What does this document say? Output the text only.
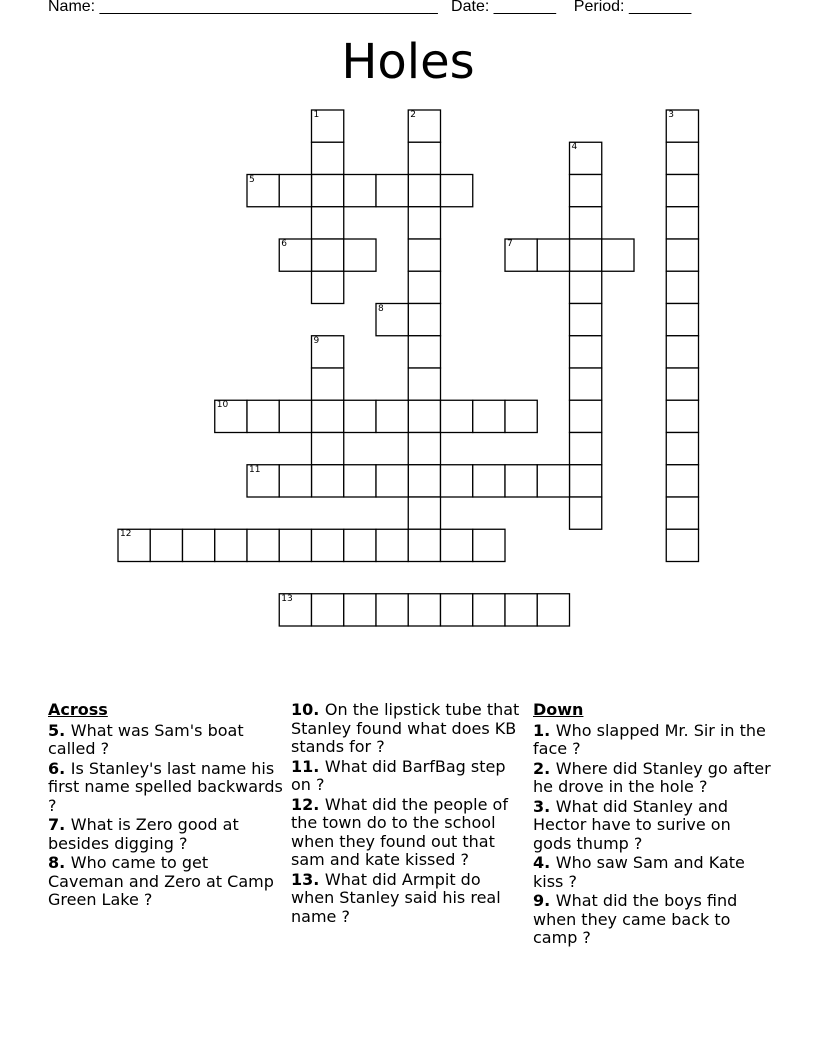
Name: ______________________________________   Date: _______    Period: _______
Holes
1	2	3
4
5
6	7
8
9
10
11
12
13
Across
5. What was Sam's boat called ?
6. Is Stanley's last name his first name spelled backwards ?
7. What is Zero good at besides digging ?
8. Who came to get Caveman and Zero at Camp Green Lake ?
10. On the lipstick tube that Stanley found what does KB stands for ?
11. What did BarfBag step on ?
12. What did the people of the town do to the school when they found out that sam and kate kissed ?
13. What did Armpit do when Stanley said his real name ?
Down
1. Who slapped Mr. Sir in the face ?
2. Where did Stanley go after he drove in the hole ?
3. What did Stanley and Hector have to surive on gods thump ?
4. Who saw Sam and Kate kiss ?
9. What did the boys find when they came back to camp ?
